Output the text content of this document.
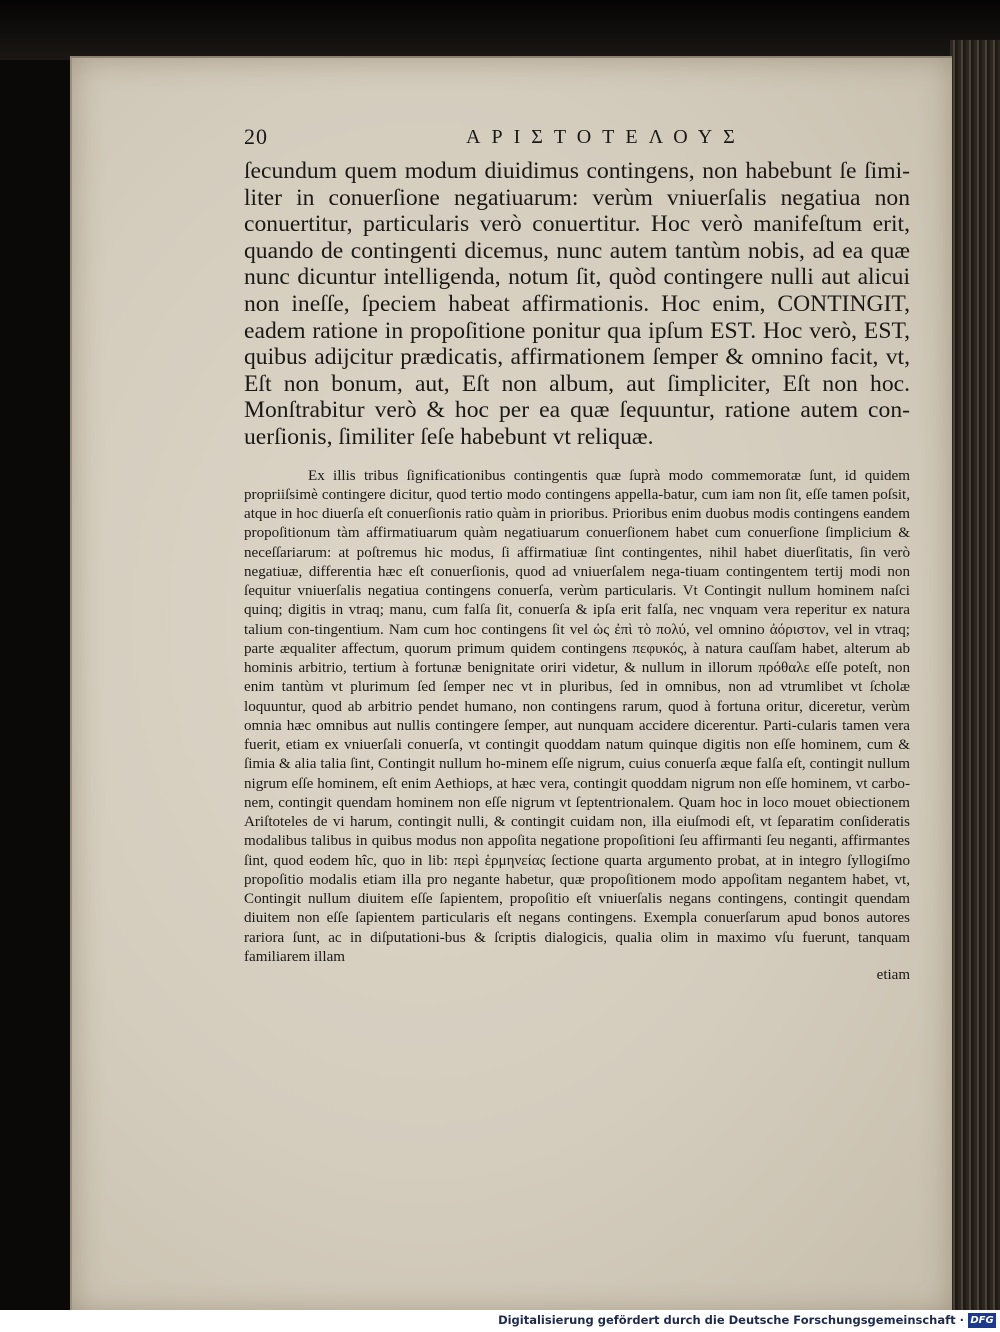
20	ΑΡΙΣΤΟΤΕΛΟΥΣ

ſecundum quem modum diuidimus contingens, non habebunt ſe ſimi-liter in conuerſione negatiuarum: verùm vniuerſalis negatiua non conuertitur, particularis verò conuertitur. Hoc verò manifeſtum erit, quando de contingenti dicemus, nunc autem tantùm nobis, ad ea quæ nunc dicuntur intelligenda, notum ſit, quòd contingere nulli aut alicui non ineſſe, ſpeciem habeat affirmationis. Hoc enim, CONTINGIT, eadem ratione in propoſitione ponitur qua ipſum EST. Hoc verò, EST, quibus adijcitur prædicatis, affirmationem ſemper & omnino facit, vt, Eſt non bonum, aut, Eſt non album, aut ſimpliciter, Eſt non hoc. Monſtrabitur verò & hoc per ea quæ ſequuntur, ratione autem con-uerſionis, ſimiliter ſeſe habebunt vt reliquæ.

Ex illis tribus ſignificationibus contingentis quæ ſuprà modo commemoratæ ſunt, id quidem propriiſsimè contingere dicitur, quod tertio modo contingens appella-batur, cum iam non ſit, eſſe tamen poſsit, atque in hoc diuerſa eſt conuerſionis ratio quàm in prioribus. Prioribus enim duobus modis contingens eandem propoſitionum tàm affirmatiuarum quàm negatiuarum conuerſionem habet cum conuerſione ſimplicium & neceſſariarum: at poſtremus hic modus, ſi affirmatiuæ ſint contingentes, nihil habet diuerſitatis, ſin verò negatiuæ, differentia hæc eſt conuerſionis, quod ad vniuerſalem nega-tiuam contingentem tertij modi non ſequitur vniuerſalis negatiua contingens conuerſa, verùm particularis. Vt Contingit nullum hominem naſci quinq; digitis in vtraq; manu, cum falſa ſit, conuerſa & ipſa erit falſa, nec vnquam vera reperitur ex natura talium con-tingentium. Nam cum hoc contingens ſit vel ὡς ἐπὶ τὸ πολύ, vel omnino ἀόριστον, vel in vtraq; parte æqualiter affectum, quorum primum quidem contingens πεφυκός, à natura cauſſam habet, alterum ab hominis arbitrio, tertium à fortunæ benignitate oriri videtur, & nullum in illorum πρόθαλε eſſe poteſt, non enim tantùm vt plurimum ſed ſemper nec vt in pluribus, ſed in omnibus, non ad vtrumlibet vt ſcholæ loquuntur, quod ab arbitrio pendet humano, non contingens rarum, quod à fortuna oritur, diceretur, verùm omnia hæc omnibus aut nullis contingere ſemper, aut nunquam accidere dicerentur. Parti-cularis tamen vera fuerit, etiam ex vniuerſali conuerſa, vt contingit quoddam natum quinque digitis non eſſe hominem, cum & ſimia & alia talia ſint, Contingit nullum ho-minem eſſe nigrum, cuius conuerſa æque falſa eſt, contingit nullum nigrum eſſe hominem, eſt enim Aethiops, at hæc vera, contingit quoddam nigrum non eſſe hominem, vt carbo-nem, contingit quendam hominem non eſſe nigrum vt ſeptentrionalem. Quam hoc in loco mouet obiectionem Ariſtoteles de vi harum, contingit nulli, & contingit cuidam non, illa eiuſmodi eſt, vt ſeparatim conſideratis modalibus talibus in quibus modus non appoſita negatione propoſitioni ſeu affirmanti ſeu neganti, affirmantes ſint, quod eodem hîc, quo in lib: περὶ ἑρμηνείας ſectione quarta argumento probat, at in integro ſyllogiſmo propoſitio modalis etiam illa pro negante habetur, quæ propoſitionem modo appoſitam negantem habet, vt, Contingit nullum diuitem eſſe ſapientem, propoſitio eſt vniuerſalis negans contingens, contingit quendam diuitem non eſſe ſapientem particularis eſt negans contingens. Exempla conuerſarum apud bonos autores rariora ſunt, ac in diſputationi-bus & ſcriptis dialogicis, qualia olim in maximo vſu fuerunt, tanquam familiarem illam

etiam
Digitalisierung gefördert durch die Deutsche Forschungsgemeinschaft · DFG
